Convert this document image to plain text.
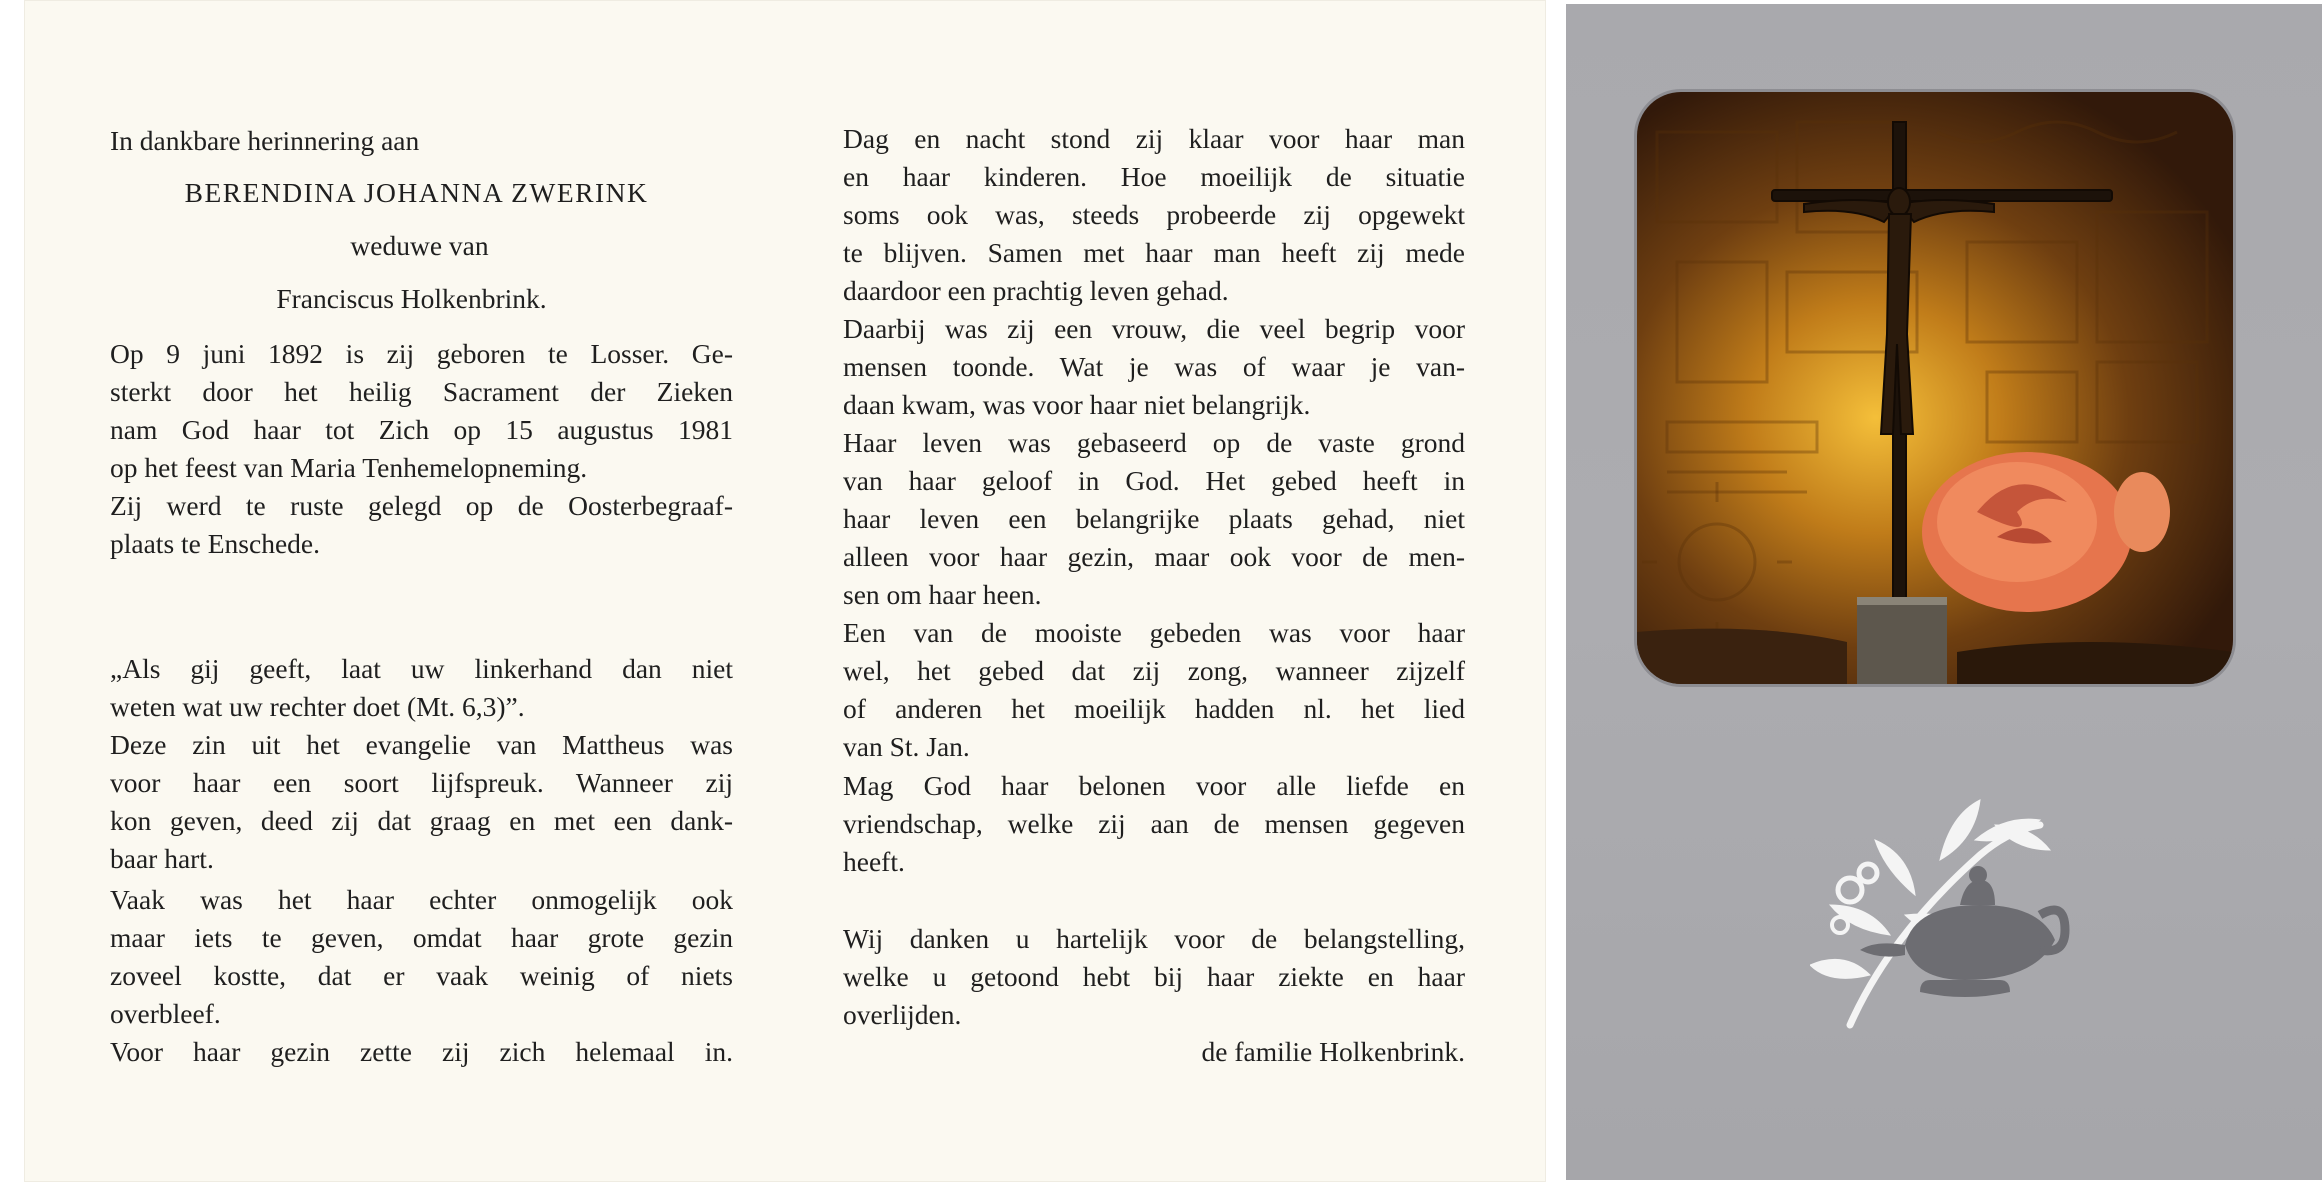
In dankbare herinnering aan
BERENDINA JOHANNA ZWERINK
weduwe van
Franciscus Holkenbrink.
Op 9 juni 1892 is zij geboren te Losser. Ge-
sterkt door het heilig Sacrament der Zieken
nam God haar tot Zich op 15 augustus 1981
op het feest van Maria Tenhemelopneming.
Zij werd te ruste gelegd op de Oosterbegraaf-
plaats te Enschede.
„Als gij geeft, laat uw linkerhand dan niet
weten wat uw rechter doet (Mt. 6,3)”.
Deze zin uit het evangelie van Mattheus was
voor haar een soort lijfspreuk. Wanneer zij
kon geven, deed zij dat graag en met een dank-
baar hart.
Vaak was het haar echter onmogelijk ook
maar iets te geven, omdat haar grote gezin
zoveel kostte, dat er vaak weinig of niets
overbleef.
Voor haar gezin zette zij zich helemaal in.
Dag en nacht stond zij klaar voor haar man
en haar kinderen. Hoe moeilijk de situatie
soms ook was, steeds probeerde zij opgewekt
te blijven. Samen met haar man heeft zij mede
daardoor een prachtig leven gehad.
Daarbij was zij een vrouw, die veel begrip voor
mensen toonde. Wat je was of waar je van-
daan kwam, was voor haar niet belangrijk.
Haar leven was gebaseerd op de vaste grond
van haar geloof in God. Het gebed heeft in
haar leven een belangrijke plaats gehad, niet
alleen voor haar gezin, maar ook voor de men-
sen om haar heen.
Een van de mooiste gebeden was voor haar
wel, het gebed dat zij zong, wanneer zijzelf
of anderen het moeilijk hadden nl. het lied
van St. Jan.
Mag God haar belonen voor alle liefde en
vriendschap, welke zij aan de mensen gegeven
heeft.
Wij danken u hartelijk voor de belangstelling,
welke u getoond hebt bij haar ziekte en haar
overlijden.
de familie Holkenbrink.
